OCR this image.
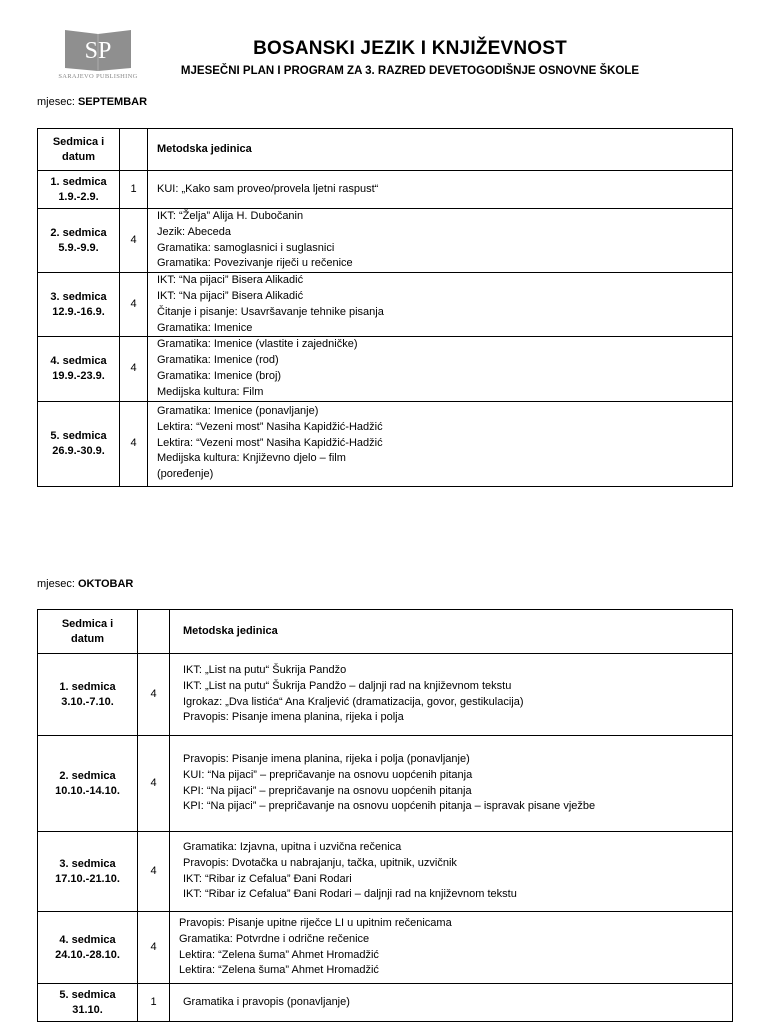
SP
SARAJEVO PUBLISHING
BOSANSKI JEZIK I KNJIŽEVNOST
MJESEČNI PLAN I PROGRAM ZA 3. RAZRED DEVETOGODIŠNJE OSNOVNE ŠKOLE
mjesec: SEPTEMBAR
Sedmica i
datum		Metodska jedinica

1. sedmica
1.9.-2.9.	1	KUI: „Kako sam proveo/provela ljetni raspust“

2. sedmica
5.9.-9.9.	4	IKT: “Želja” Alija H. Dubočanin
Jezik: Abeceda
Gramatika: samoglasnici i suglasnici
Gramatika: Povezivanje riječi u rečenice

3. sedmica
12.9.-16.9.	4	IKT: “Na pijaci” Bisera Alikadić
IKT: “Na pijaci” Bisera Alikadić
Čitanje i pisanje: Usavršavanje tehnike pisanja
Gramatika: Imenice

4. sedmica
19.9.-23.9.	4	Gramatika: Imenice (vlastite i zajedničke)
Gramatika: Imenice (rod)
Gramatika: Imenice (broj)
Medijska kultura: Film

5. sedmica
26.9.-30.9.	4	Gramatika: Imenice (ponavljanje)
Lektira: “Vezeni most” Nasiha Kapidžić-Hadžić
Lektira: “Vezeni most” Nasiha Kapidžić-Hadžić
Medijska kultura: Književno djelo – film
(poređenje)
mjesec: OKTOBAR
Sedmica i
datum		Metodska jedinica

1. sedmica
3.10.-7.10.	4	IKT: „List na putu“ Šukrija Pandžo
IKT: „List na putu“ Šukrija Pandžo – daljnji rad na književnom tekstu
Igrokaz: „Dva listića“ Ana Kraljević (dramatizacija, govor, gestikulacija)
Pravopis: Pisanje imena planina, rijeka i polja

2. sedmica
10.10.-14.10.	4	Pravopis: Pisanje imena planina, rijeka i polja (ponavljanje)
KUI: “Na pijaci” – prepričavanje na osnovu uopćenih pitanja
KPI: “Na pijaci” – prepričavanje na osnovu uopćenih pitanja
KPI: “Na pijaci” – prepričavanje na osnovu uopćenih pitanja – ispravak pisane vježbe

3. sedmica
17.10.-21.10.	4	Gramatika: Izjavna, upitna i uzvična rečenica
Pravopis: Dvotačka u nabrajanju, tačka, upitnik, uzvičnik
IKT: “Ribar iz Cefalua” Đani Rodari
IKT: “Ribar iz Cefalua” Đani Rodari – daljnji rad na književnom tekstu

4. sedmica
24.10.-28.10.	4	Pravopis: Pisanje upitne riječce LI u upitnim rečenicama
Gramatika: Potvrdne i odrične rečenice
Lektira: “Zelena šuma” Ahmet Hromadžić
Lektira: “Zelena šuma” Ahmet Hromadžić

5. sedmica
31.10.	1	Gramatika i pravopis (ponavljanje)
